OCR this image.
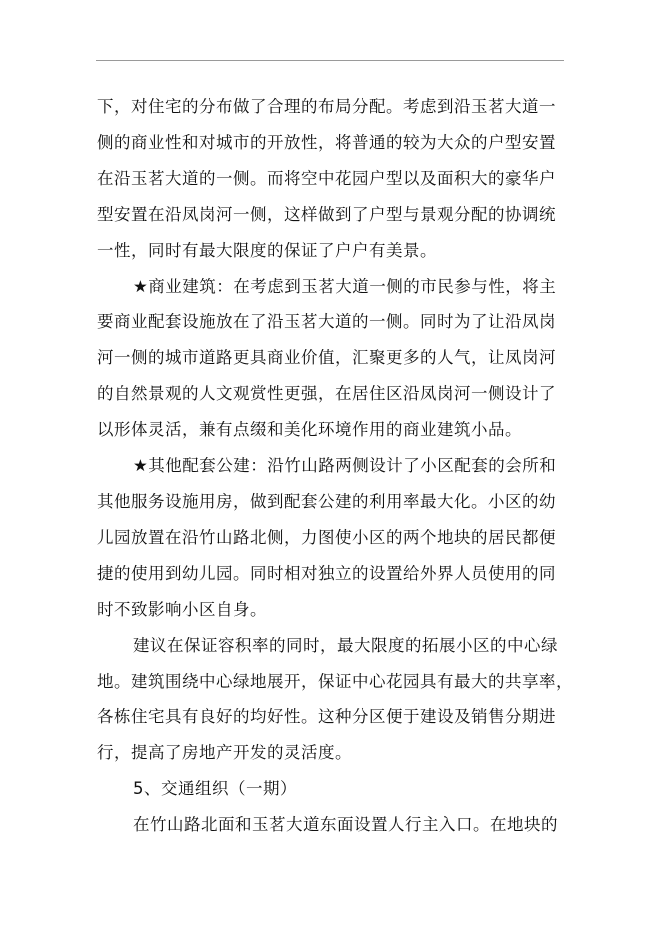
下，对住宅的分布做了合理的布局分配。考虑到沿玉茗大道一
侧的商业性和对城市的开放性，将普通的较为大众的户型安置
在沿玉茗大道的一侧。而将空中花园户型以及面积大的豪华户
型安置在沿凤岗河一侧，这样做到了户型与景观分配的协调统
一性，同时有最大限度的保证了户户有美景。
★商业建筑：在考虑到玉茗大道一侧的市民参与性，将主
要商业配套设施放在了沿玉茗大道的一侧。同时为了让沿凤岗
河一侧的城市道路更具商业价值，汇聚更多的人气，让凤岗河
的自然景观的人文观赏性更强，在居住区沿凤岗河一侧设计了
以形体灵活，兼有点缀和美化环境作用的商业建筑小品。
★其他配套公建：沿竹山路两侧设计了小区配套的会所和
其他服务设施用房，做到配套公建的利用率最大化。小区的幼
儿园放置在沿竹山路北侧，力图使小区的两个地块的居民都便
捷的使用到幼儿园。同时相对独立的设置给外界人员使用的同
时不致影响小区自身。
建议在保证容积率的同时，最大限度的拓展小区的中心绿
地。建筑围绕中心绿地展开，保证中心花园具有最大的共享率，
各栋住宅具有良好的均好性。这种分区便于建设及销售分期进
行，提高了房地产开发的灵活度。
5、交通组织（一期）
在竹山路北面和玉茗大道东面设置人行主入口。在地块的
